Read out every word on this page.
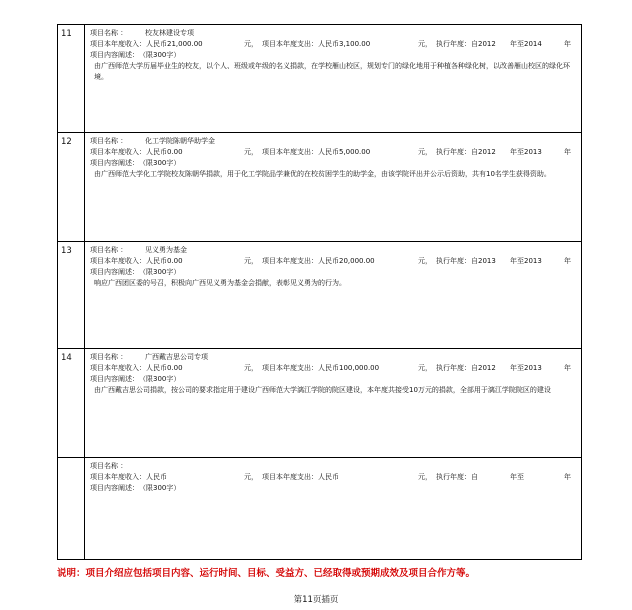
11	项目名称 ：	校友林建设专项
项目本年度收入： 人民币21,000.00	元， 项目本年度支出： 人民币3,100.00	元， 执行年度：自2012 年至2014	年
项目内容阐述： （限300字）
由广西师范大学历届毕业生的校友，以个人、班级或年级的名义捐款，在学校雁山校区，规划专门的绿化地用于种植各种绿化树，以改善雁山校区的绿化环境。
12	项目名称 ：	化工学院陈朝华助学金
项目本年度收入： 人民币0.00	元， 项目本年度支出： 人民币5,000.00	元， 执行年度：自2012 年至2013	年
项目内容阐述： （限300字）
由广西师范大学化工学院校友陈朝华捐款，用于化工学院品学兼优的在校贫困学生的助学金，由该学院评出并公示后资助，共有10名学生获得资助。
13	项目名称 ：	见义勇为基金
项目本年度收入： 人民币0.00	元， 项目本年度支出： 人民币20,000.00	元， 执行年度：自2013 年至2013	年
项目内容阐述： （限300字）
响应广西团区委的号召，积极向广西见义勇为基金会捐献，表彰见义勇为的行为。
14	项目名称 ：	广西戴吉思公司专项
项目本年度收入： 人民币0.00	元， 项目本年度支出： 人民币100,000.00	元， 执行年度：自2012 年至2013	年
项目内容阐述： （限300字）
由广西戴吉思公司捐款，按公司的要求指定用于建设广西师范大学漓江学院的院区建设，本年度共接受10万元的捐款，全部用于漓江学院院区的建设
项目名称 ：
项目本年度收入： 人民币	元， 项目本年度支出： 人民币	元， 执行年度：自	年至	年
项目内容阐述： （限300字）
说明：项目介绍应包括项目内容、运行时间、目标、受益方、已经取得或预期成效及项目合作方等。
第11页插页
